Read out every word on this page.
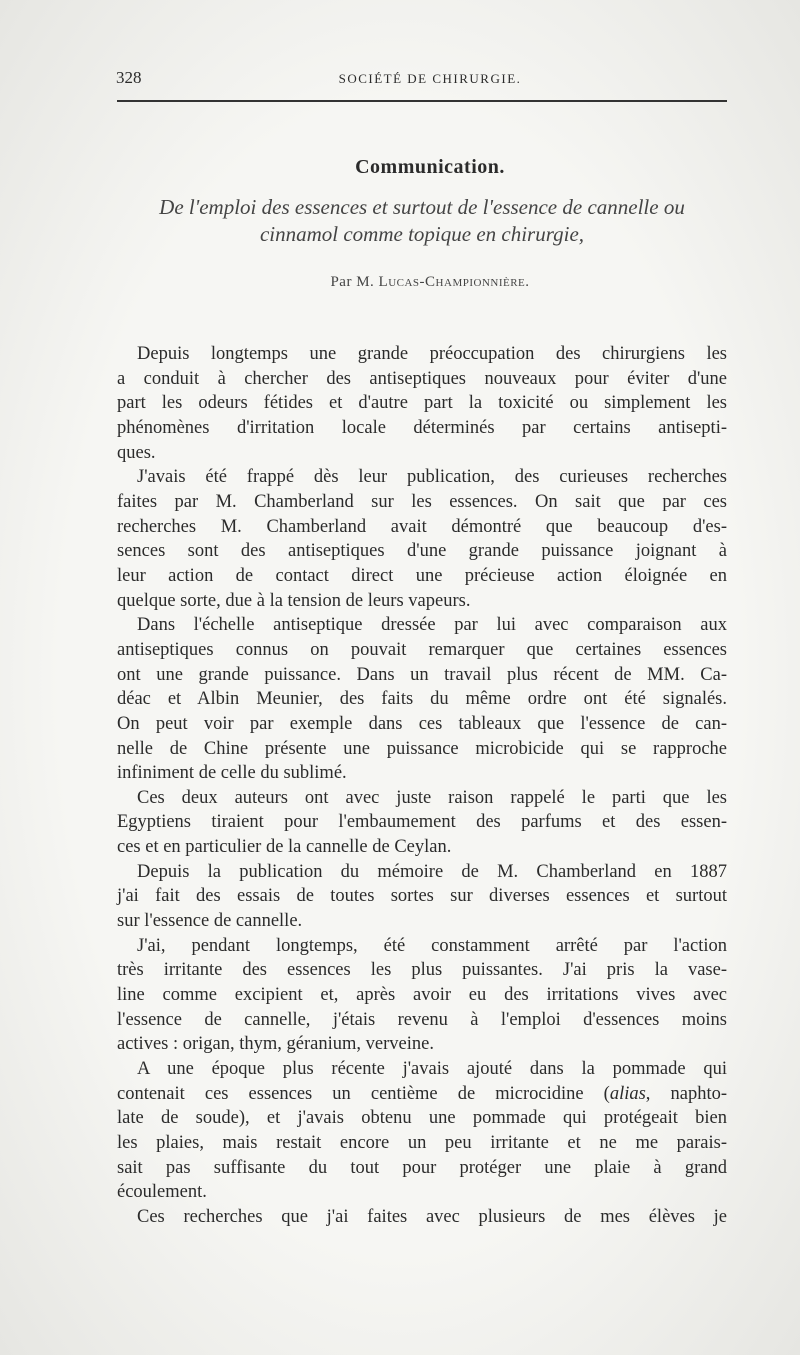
328	SOCIÉTÉ DE CHIRURGIE.
Communication.
De l'emploi des essences et surtout de l'essence de cannelle ou
cinnamol comme topique en chirurgie,
Par M. Lucas-Championnière.
Depuis longtemps une grande préoccupation des chirurgiens les
a conduit à chercher des antiseptiques nouveaux pour éviter d'une
part les odeurs fétides et d'autre part la toxicité ou simplement les
phénomènes d'irritation locale déterminés par certains antisepti-
ques.
J'avais été frappé dès leur publication, des curieuses recherches
faites par M. Chamberland sur les essences. On sait que par ces
recherches M. Chamberland avait démontré que beaucoup d'es-
sences sont des antiseptiques d'une grande puissance joignant à
leur action de contact direct une précieuse action éloignée en
quelque sorte, due à la tension de leurs vapeurs.
Dans l'échelle antiseptique dressée par lui avec comparaison aux
antiseptiques connus on pouvait remarquer que certaines essences
ont une grande puissance. Dans un travail plus récent de MM. Ca-
déac et Albin Meunier, des faits du même ordre ont été signalés.
On peut voir par exemple dans ces tableaux que l'essence de can-
nelle de Chine présente une puissance microbicide qui se rapproche
infiniment de celle du sublimé.
Ces deux auteurs ont avec juste raison rappelé le parti que les
Egyptiens tiraient pour l'embaumement des parfums et des essen-
ces et en particulier de la cannelle de Ceylan.
Depuis la publication du mémoire de M. Chamberland en 1887
j'ai fait des essais de toutes sortes sur diverses essences et surtout
sur l'essence de cannelle.
J'ai, pendant longtemps, été constamment arrêté par l'action
très irritante des essences les plus puissantes. J'ai pris la vase-
line comme excipient et, après avoir eu des irritations vives avec
l'essence de cannelle, j'étais revenu à l'emploi d'essences moins
actives : origan, thym, géranium, verveine.
A une époque plus récente j'avais ajouté dans la pommade qui
contenait ces essences un centième de microcidine (alias, naphto-
late de soude), et j'avais obtenu une pommade qui protégeait bien
les plaies, mais restait encore un peu irritante et ne me parais-
sait pas suffisante du tout pour protéger une plaie à grand
écoulement.
Ces recherches que j'ai faites avec plusieurs de mes élèves je
